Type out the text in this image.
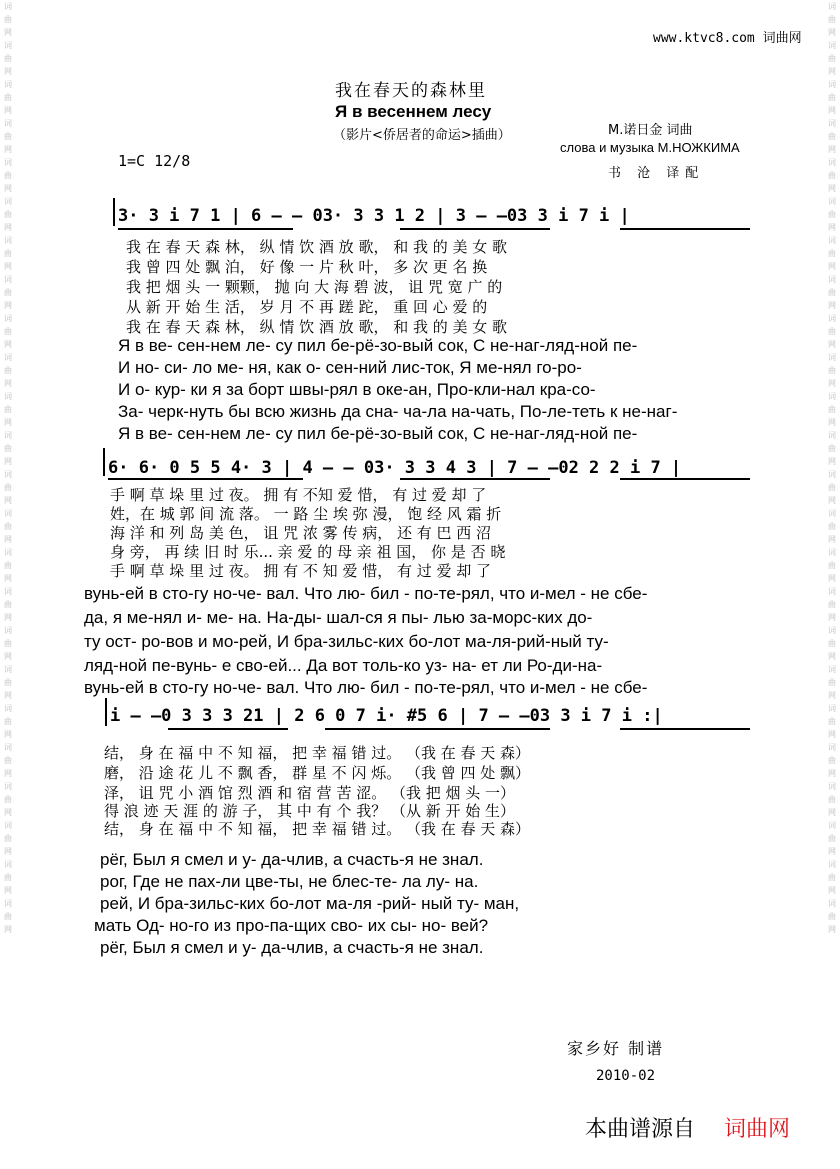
词曲网词曲网词曲网词曲网词曲网词曲网词曲网词曲网词曲网词曲网词曲网词曲网词曲网词曲网词曲网词曲网词曲网词曲网词曲网词曲网词曲网词曲网词曲网词曲网
词曲网词曲网词曲网词曲网词曲网词曲网词曲网词曲网词曲网词曲网词曲网词曲网词曲网词曲网词曲网词曲网词曲网词曲网词曲网词曲网词曲网词曲网词曲网词曲网
www.ktvc8.com 词曲网
我在春天的森林里
Я в весеннем лесу
（影片<侨居者的命运>插曲）	M.诺日金 词曲
слова и музыка М.НОЖКИМА
书 沧 译配
1=C 12/8
3· 3 i 7 1 | 6 – – 03· 3 3 1 2 | 3 – –03 3 i 7 i |
我 在 春 天 森 林， 纵 情 饮 酒 放 歌， 和 我 的 美 女 歌
我 曾 四 处 飘 泊， 好 像 一 片 秋 叶， 多 次 更 名 换
我 把 烟 头 一 颗颗， 抛 向 大 海 碧 波， 诅 咒 宽 广 的
从 新 开 始 生 活， 岁 月 不 再 蹉 跎， 重 回 心 爱 的
我 在 春 天 森 林， 纵 情 饮 酒 放 歌， 和 我 的 美 女 歌
Я в ве- сен-нем ле- су пил бе-рё-зо-вый сок, С не-наг-ляд-ной пе-
И но- си- ло ме- ня, как о- сен-ний лис-ток, Я ме-нял го-ро-
И о- кур- ки я за борт швы-рял в оке-ан, Про-кли-нал кра-со-
За- черк-нуть бы всю жизнь да сна- ча-ла на-чать, По-ле-теть к не-наг-
Я в ве- сен-нем ле- су пил бе-рё-зо-вый сок, С не-наг-ляд-ной пе-
6· 6· 0 5 5 4· 3 | 4 – – 03· 3 3 4 3 | 7 – –02 2 2 i 7 |
手 啊 草 垛 里 过 夜。 拥 有 不知 爱 惜， 有 过 爱 却 了
姓，在 城 郭 间 流 落。 一 路 尘 埃 弥 漫， 饱 经 风 霜 折
海 洋 和 列 岛 美 色， 诅 咒 浓 雾 传 病， 还 有 巴 西 沼
身 旁， 再 续 旧 时 乐... 亲 爱 的 母 亲 祖 国， 你 是 否 晓
手 啊 草 垛 里 过 夜。 拥 有 不 知 爱 惜， 有 过 爱 却 了
вунь-ей в сто-гу но-че- вал. Что лю- бил - по-те-рял, что и-мел - не сбе-
да, я ме-нял и- ме- на. На-ды- шал-ся я пы- лью за-морс-ких до-
ту ост- ро-вов и мо-рей, И бра-зильс-ких бо-лот ма-ля-рий-ный ту-
ляд-ной пе-вунь- е сво-ей... Да вот толь-ко уз- на- ет ли Ро-ди-на-
вунь-ей в сто-гу но-че- вал. Что лю- бил - по-те-рял, что и-мел - не сбе-
i – –0 3 3 3 21 | 2 6 0 7 i· #5 6 | 7 – –03 3 i 7 i :|
结， 身 在 福 中 不 知 福， 把 幸 福 错 过。 （我 在 春 天 森）
磨， 沿 途 花 儿 不 飘 香， 群 星 不 闪 烁。 （我 曾 四 处 飘）
泽， 诅 咒 小 酒 馆 烈 酒 和 宿 营 苦 涩。 （我 把 烟 头 一）
得 浪 迹 天 涯 的 游 子， 其 中 有 个 我？ （从 新 开 始 生）
结， 身 在 福 中 不 知 福， 把 幸 福 错 过。 （我 在 春 天 森）
рёг, Был я смел и у- да-члив, а счасть-я не знал.
рог, Где не пах-ли цве-ты, не блес-те- ла лу- на.
рей, И бра-зильс-ких бо-лот ма-ля -рий- ный ту- ман,
мать Од- но-го из про-па-щих сво- их сы- но- вей?
рёг, Был я смел и у- да-члив, а счасть-я не знал.
家乡好 制谱
2010-02
本曲谱源自 词曲网
